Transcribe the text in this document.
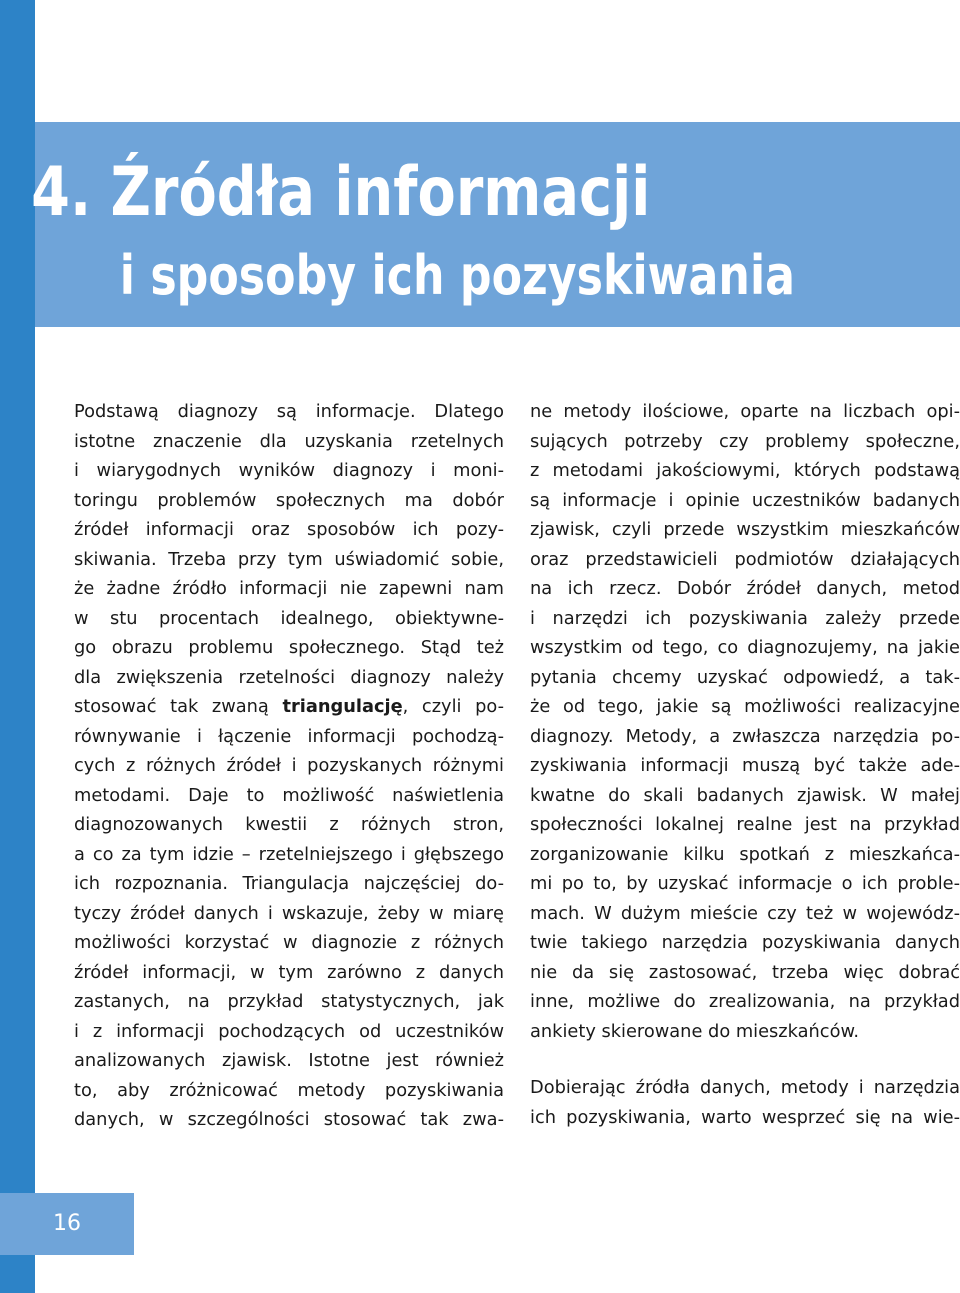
4. Źródła informacji
i sposoby ich pozyskiwania

Podstawą diagnozy są informacje. Dlatego
istotne znaczenie dla uzyskania rzetelnych
i wiarygodnych wyników diagnozy i moni-
toringu problemów społecznych ma dobór
źródeł informacji oraz sposobów ich pozy-
skiwania. Trzeba przy tym uświadomić sobie,
że żadne źródło informacji nie zapewni nam
w stu procentach idealnego, obiektywne-
go obrazu problemu społecznego. Stąd też
dla zwiększenia rzetelności diagnozy należy
stosować tak zwaną triangulację, czyli po-
równywanie i łączenie informacji pochodzą-
cych z różnych źródeł i pozyskanych różnymi
metodami. Daje to możliwość naświetlenia
diagnozowanych kwestii z różnych stron,
a co za tym idzie – rzetelniejszego i głębszego
ich rozpoznania. Triangulacja najczęściej do-
tyczy źródeł danych i wskazuje, żeby w miarę
możliwości korzystać w diagnozie z różnych
źródeł informacji, w tym zarówno z danych
zastanych, na przykład statystycznych, jak
i z informacji pochodzących od uczestników
analizowanych zjawisk. Istotne jest również
to, aby zróżnicować metody pozyskiwania
danych, w szczególności stosować tak zwa-

ne metody ilościowe, oparte na liczbach opi-
sujących potrzeby czy problemy społeczne,
z metodami jakościowymi, których podstawą
są informacje i opinie uczestników badanych
zjawisk, czyli przede wszystkim mieszkańców
oraz przedstawicieli podmiotów działających
na ich rzecz. Dobór źródeł danych, metod
i narzędzi ich pozyskiwania zależy przede
wszystkim od tego, co diagnozujemy, na jakie
pytania chcemy uzyskać odpowiedź, a tak-
że od tego, jakie są możliwości realizacyjne
diagnozy. Metody, a zwłaszcza narzędzia po-
zyskiwania informacji muszą być także ade-
kwatne do skali badanych zjawisk. W małej
społeczności lokalnej realne jest na przykład
zorganizowanie kilku spotkań z mieszkańca-
mi po to, by uzyskać informacje o ich proble-
mach. W dużym mieście czy też w wojewódz-
twie takiego narzędzia pozyskiwania danych
nie da się zastosować, trzeba więc dobrać
inne, możliwe do zrealizowania, na przykład
ankiety skierowane do mieszkańców.

Dobierając źródła danych, metody i narzędzia
ich pozyskiwania, warto wesprzeć się na wie-

16
